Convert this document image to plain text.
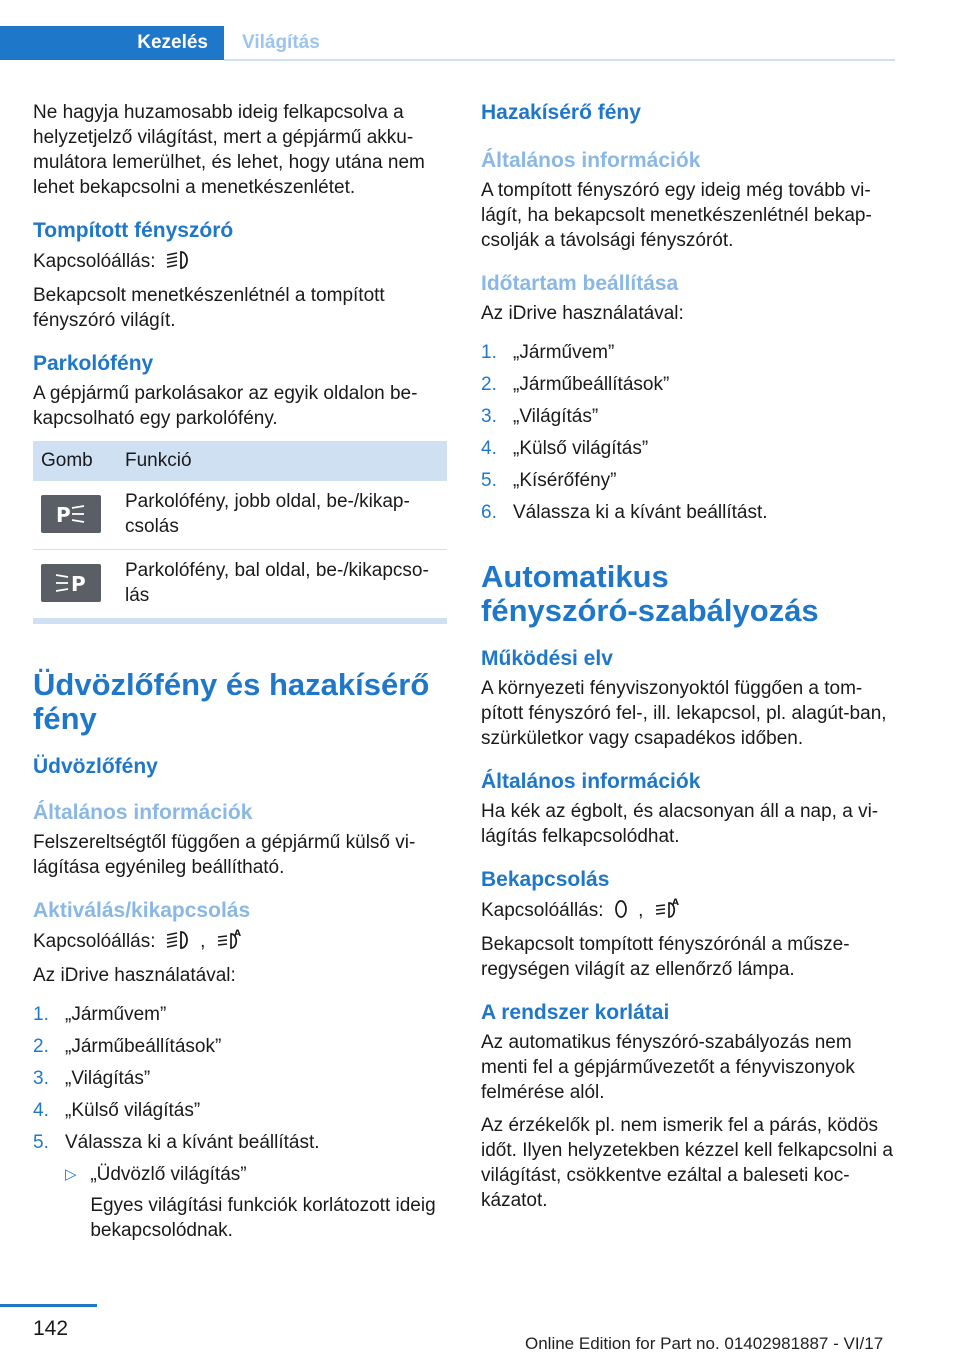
Kezelés	Világítás

Ne hagyja huzamosabb ideig felkapcsolva a helyzetjelző világítást, mert a gépjármű akku-mulátora lemerülhet, és lehet, hogy utána nem lehet bekapcsolni a menetkészenlétet.

Tompított fényszóró

Kapcsolóállás:

Bekapcsolt menetkészenlétnél a tompított fényszóró világít.

Parkolófény

A gépjármű parkolásakor az egyik oldalon be-kapcsolható egy parkolófény.

Gomb	Funkció

P	Parkolófény, jobb oldal, be-/kikap-csolás

P	Parkolófény, bal oldal, be-/kikapcso-lás
Üdvözlőfény és hazakísérő fény
Üdvözlőfény
Általános információk

Felszereltségtől függően a gépjármű külső vi-lágítása egyénileg beállítható.

Aktiválás/kikapcsolás

Kapcsolóállás: ,	A

Az iDrive használatával:

1. „Járművem”
2. „Járműbeállítások”
3. „Világítás”
4. „Külső világítás”
5. Válassza ki a kívánt beállítást.
▷ „Üdvözlő világítás”
Egyes világítási funkciók korlátozott ideig bekapcsolódnak.
Hazakísérő fény
Általános információk

A tompított fényszóró egy ideig még tovább vi-lágít, ha bekapcsolt menetkészenlétnél bekap-csolják a távolsági fényszórót.

Időtartam beállítása

Az iDrive használatával:

1. „Járművem”
2. „Járműbeállítások”
3. „Világítás”
4. „Külső világítás”
5. „Kísérőfény”
6. Válassza ki a kívánt beállítást.
Automatikus fényszóró-szabályozás
Működési elv

A környezeti fényviszonyoktól függően a tom-pított fényszóró fel-, ill. lekapcsol, pl. alagút-ban, szürkületkor vagy csapadékos időben.

Általános információk

Ha kék az égbolt, és alacsonyan áll a nap, a vi-lágítás felkapcsolódhat.

Bekapcsolás

Kapcsolóállás: ,	A

Bekapcsolt tompított fényszórónál a műsze-regységen világít az ellenőrző lámpa.

A rendszer korlátai

Az automatikus fényszóró-szabályozás nem menti fel a gépjárművezetőt a fényviszonyok felmérése alól.

Az érzékelők pl. nem ismerik fel a párás, ködös időt. Ilyen helyzetekben kézzel kell felkapcsolni a világítást, csökkentve ezáltal a baleseti koc-kázatot.

142
Online Edition for Part no. 01402981887 - VI/17
